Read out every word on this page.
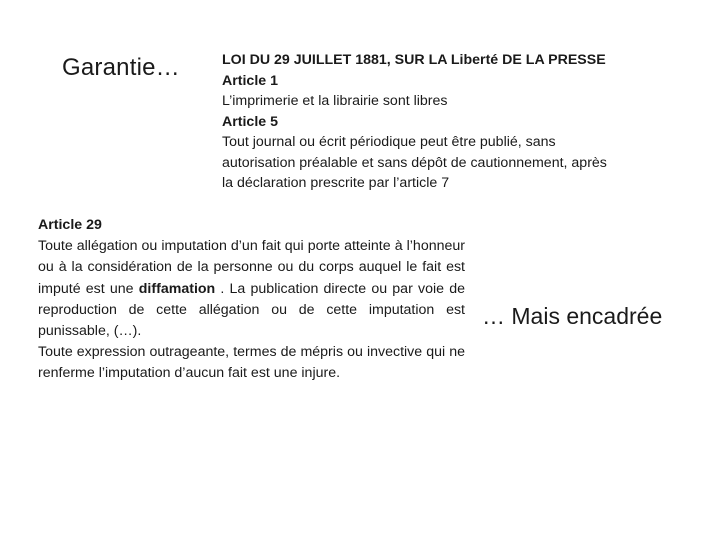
Garantie…	LOI DU 29 JUILLET 1881, SUR LA Liberté DE LA PRESSE
Article 1
L’imprimerie et la librairie sont libres
Article 5
Tout journal ou écrit périodique peut être publié, sans
autorisation préalable et sans dépôt de cautionnement, après
la déclaration prescrite par l’article 7

Article 29

Toute allégation ou imputation d’un fait qui porte atteinte à l’honneur ou à la considération de la personne ou du corps auquel le fait est imputé est une diffamation . La publication directe ou par voie de reproduction de cette allégation ou de cette imputation est punissable, (…).

Toute expression outrageante, termes de mépris ou invective qui ne renferme l’imputation d’aucun fait est une injure.

… Mais encadrée
